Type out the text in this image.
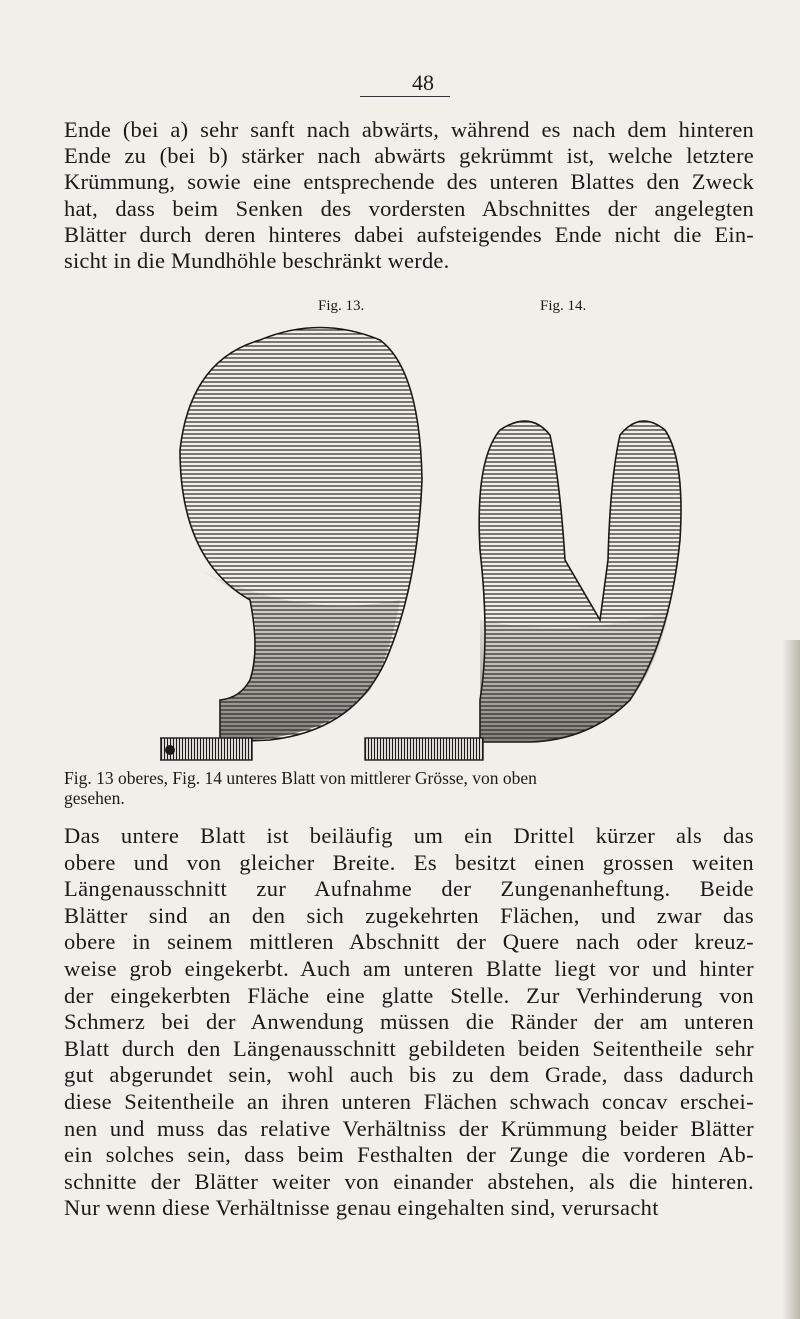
48
Ende (bei a) sehr sanft nach abwärts, während es nach dem hinteren
Ende zu (bei b) stärker nach abwärts gekrümmt ist, welche letztere
Krümmung, sowie eine entsprechende des unteren Blattes den Zweck
hat, dass beim Senken des vordersten Abschnittes der angelegten
Blätter durch deren hinteres dabei aufsteigendes Ende nicht die Ein-
sicht in die Mundhöhle beschränkt werde.
Fig. 13.	Fig. 14.
Fig. 13 oberes, Fig. 14 unteres Blatt von mittlerer Grösse, von oben
gesehen.
Das untere Blatt ist beiläufig um ein Drittel kürzer als das
obere und von gleicher Breite. Es besitzt einen grossen weiten
Längenausschnitt zur Aufnahme der Zungenanheftung. Beide
Blätter sind an den sich zugekehrten Flächen, und zwar das
obere in seinem mittleren Abschnitt der Quere nach oder kreuz-
weise grob eingekerbt. Auch am unteren Blatte liegt vor und hinter
der eingekerbten Fläche eine glatte Stelle. Zur Verhinderung von
Schmerz bei der Anwendung müssen die Ränder der am unteren
Blatt durch den Längenausschnitt gebildeten beiden Seitentheile sehr
gut abgerundet sein, wohl auch bis zu dem Grade, dass dadurch
diese Seitentheile an ihren unteren Flächen schwach concav erschei-
nen und muss das relative Verhältniss der Krümmung beider Blätter
ein solches sein, dass beim Festhalten der Zunge die vorderen Ab-
schnitte der Blätter weiter von einander abstehen, als die hinteren.
Nur wenn diese Verhältnisse genau eingehalten sind, verursacht
